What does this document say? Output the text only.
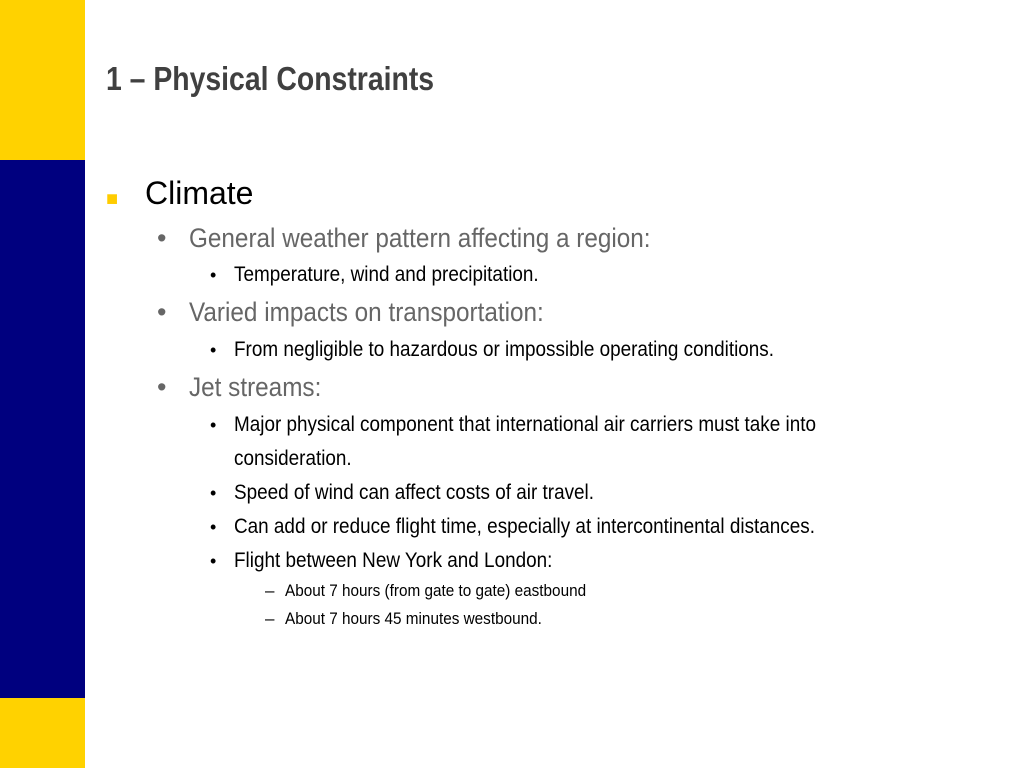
1 – Physical Constraints
■ Climate
• General weather pattern affecting a region:
• Temperature, wind and precipitation.
• Varied impacts on transportation:
• From negligible to hazardous or impossible operating conditions.
• Jet streams:
• Major physical component that international air carriers must take into
consideration.
• Speed of wind can affect costs of air travel.
• Can add or reduce flight time, especially at intercontinental distances.
• Flight between New York and London:
– About 7 hours (from gate to gate) eastbound
– About 7 hours 45 minutes westbound.
